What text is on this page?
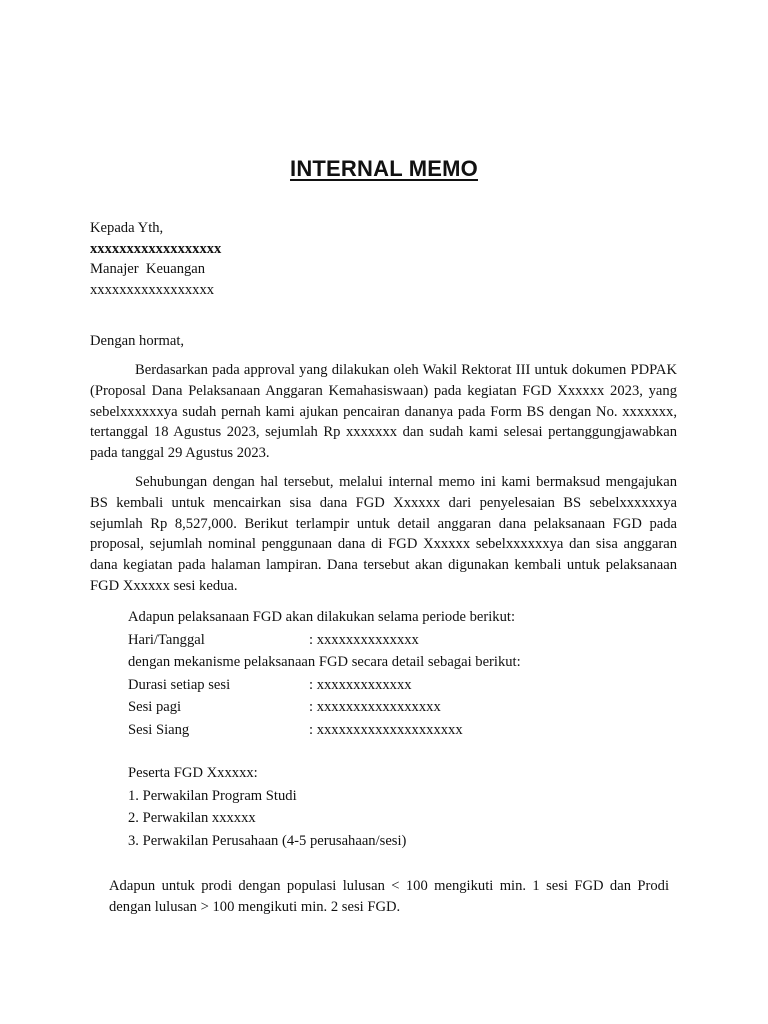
INTERNAL MEMO
Kepada Yth,
xxxxxxxxxxxxxxxxxx
Manajer  Keuangan
xxxxxxxxxxxxxxxxx
Dengan hormat,
Berdasarkan pada approval yang dilakukan oleh Wakil Rektorat III untuk dokumen PDPAK (Proposal Dana Pelaksanaan Anggaran Kemahasiswaan) pada kegiatan FGD Xxxxxx 2023, yang sebelxxxxxxya sudah pernah kami ajukan pencairan dananya pada Form BS dengan No. xxxxxxx, tertanggal 18 Agustus 2023, sejumlah Rp xxxxxxx dan sudah kami selesai pertanggungjawabkan pada tanggal 29 Agustus 2023.
Sehubungan dengan hal tersebut, melalui internal memo ini kami bermaksud mengajukan BS kembali untuk mencairkan sisa dana FGD Xxxxxx dari penyelesaian BS sebelxxxxxxya sejumlah Rp 8,527,000. Berikut terlampir untuk detail anggaran dana pelaksanaan FGD pada proposal, sejumlah nominal penggunaan dana di FGD Xxxxxx sebelxxxxxxya dan sisa anggaran dana kegiatan pada halaman lampiran. Dana tersebut akan digunakan kembali untuk pelaksanaan FGD Xxxxxx sesi kedua.
Adapun pelaksanaan FGD akan dilakukan selama periode berikut:
Hari/Tanggal	: xxxxxxxxxxxxxx
dengan mekanisme pelaksanaan FGD secara detail sebagai berikut:
Durasi setiap sesi	: xxxxxxxxxxxxx
Sesi pagi	: xxxxxxxxxxxxxxxxx
Sesi Siang	: xxxxxxxxxxxxxxxxxxxx
Peserta FGD Xxxxxx:
1. Perwakilan Program Studi
2. Perwakilan xxxxxx
3. Perwakilan Perusahaan (4-5 perusahaan/sesi)
Adapun untuk prodi dengan populasi lulusan < 100 mengikuti min. 1 sesi FGD dan Prodi dengan lulusan > 100 mengikuti min. 2 sesi FGD.
